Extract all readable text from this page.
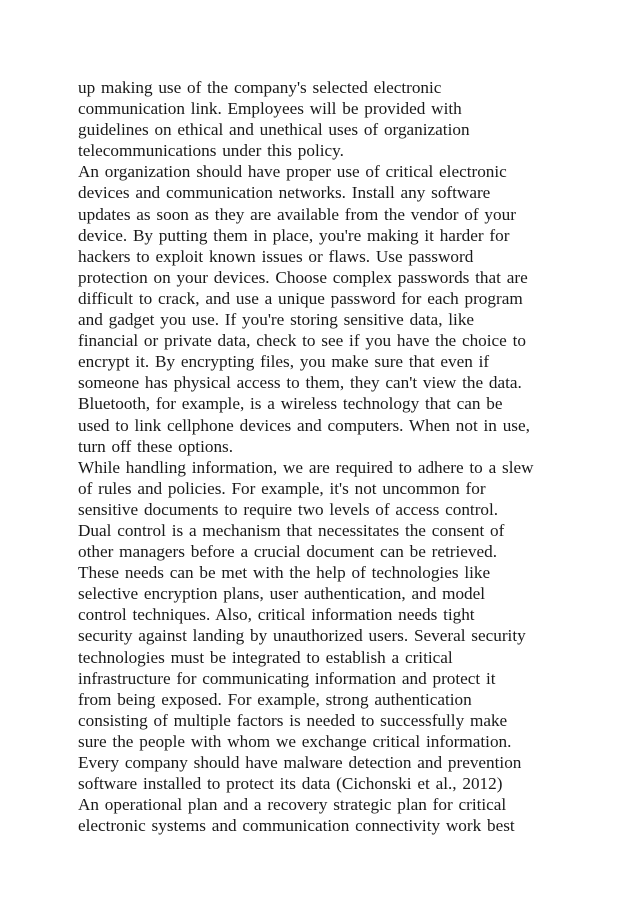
up making use of the company's selected electronic
communication link. Employees will be provided with
guidelines on ethical and unethical uses of organization
telecommunications under this policy.
An organization should have proper use of critical electronic
devices and communication networks. Install any software
updates as soon as they are available from the vendor of your
device. By putting them in place, you're making it harder for
hackers to exploit known issues or flaws. Use password
protection on your devices. Choose complex passwords that are
difficult to crack, and use a unique password for each program
and gadget you use. If you're storing sensitive data, like
financial or private data, check to see if you have the choice to
encrypt it. By encrypting files, you make sure that even if
someone has physical access to them, they can't view the data.
Bluetooth, for example, is a wireless technology that can be
used to link cellphone devices and computers. When not in use,
turn off these options.
While handling information, we are required to adhere to a slew
of rules and policies. For example, it's not uncommon for
sensitive documents to require two levels of access control.
Dual control is a mechanism that necessitates the consent of
other managers before a crucial document can be retrieved.
These needs can be met with the help of technologies like
selective encryption plans, user authentication, and model
control techniques. Also, critical information needs tight
security against landing by unauthorized users. Several security
technologies must be integrated to establish a critical
infrastructure for communicating information and protect it
from being exposed. For example, strong authentication
consisting of multiple factors is needed to successfully make
sure the people with whom we exchange critical information.
Every company should have malware detection and prevention
software installed to protect its data (Cichonski et al., 2012)
An operational plan and a recovery strategic plan for critical
electronic systems and communication connectivity work best
